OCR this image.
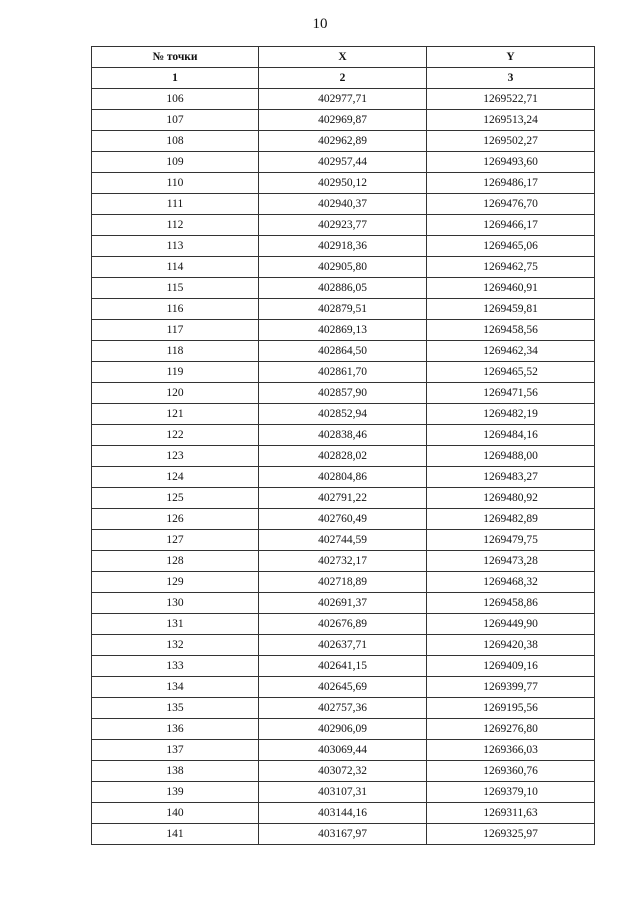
10
№ точки	X	Y
1	2	3
106	402977,71	1269522,71
107	402969,87	1269513,24
108	402962,89	1269502,27
109	402957,44	1269493,60
110	402950,12	1269486,17
111	402940,37	1269476,70
112	402923,77	1269466,17
113	402918,36	1269465,06
114	402905,80	1269462,75
115	402886,05	1269460,91
116	402879,51	1269459,81
117	402869,13	1269458,56
118	402864,50	1269462,34
119	402861,70	1269465,52
120	402857,90	1269471,56
121	402852,94	1269482,19
122	402838,46	1269484,16
123	402828,02	1269488,00
124	402804,86	1269483,27
125	402791,22	1269480,92
126	402760,49	1269482,89
127	402744,59	1269479,75
128	402732,17	1269473,28
129	402718,89	1269468,32
130	402691,37	1269458,86
131	402676,89	1269449,90
132	402637,71	1269420,38
133	402641,15	1269409,16
134	402645,69	1269399,77
135	402757,36	1269195,56
136	402906,09	1269276,80
137	403069,44	1269366,03
138	403072,32	1269360,76
139	403107,31	1269379,10
140	403144,16	1269311,63
141	403167,97	1269325,97
